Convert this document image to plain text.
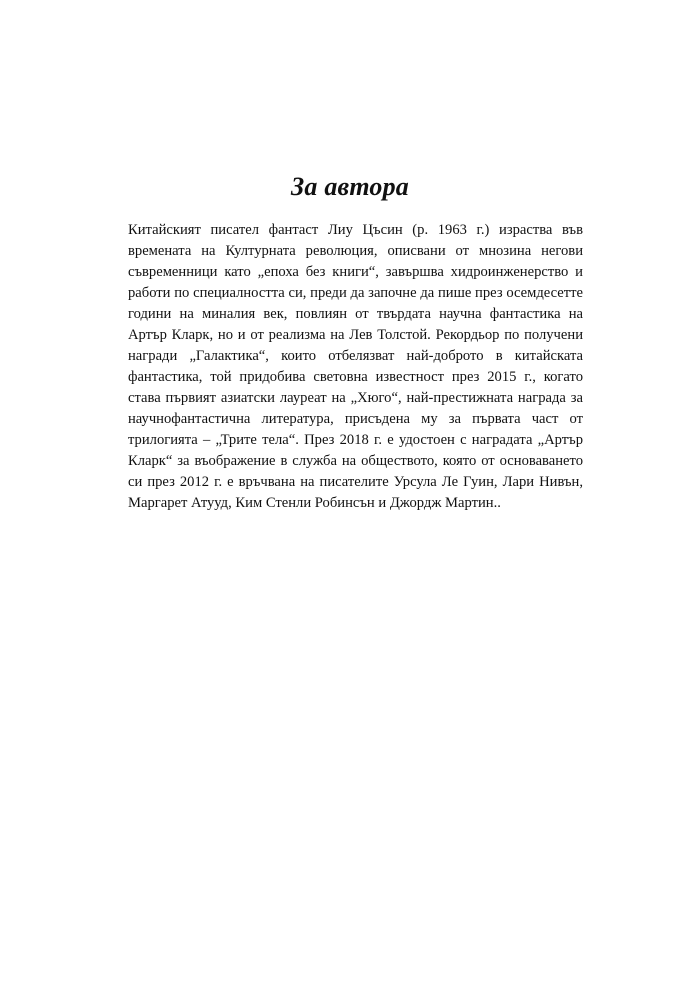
За автора
Китайският писател фантаст Лиу Цъсин (р. 1963 г.) израства във
времената на Културната революция, описвани от мнозина негови
съвременници като „епоха без книги“, завършва хидроинженерство и
работи по специалността си, преди да започне да пише през осемдесетте
години на миналия век, повлиян от твърдата научна фантастика на
Артър Кларк, но и от реализма на Лев Толстой. Рекордьор по получени
награди „Галактика“, които отбелязват най-доброто в китайската
фантастика, той придобива световна известност през 2015 г., когато
става първият азиатски лауреат на „Хюго“, най-престижната награда за
научнофантастична литература, присъдена му за първата част от
трилогията – „Трите тела“. През 2018 г. е удостоен с наградата „Артър
Кларк“ за въображение в служба на обществото, която от основаването
си през 2012 г. е връчвана на писателите Урсула Ле Гуин, Лари Нивън,
Маргарет Атууд, Ким Стенли Робинсън и Джордж Мартин..
